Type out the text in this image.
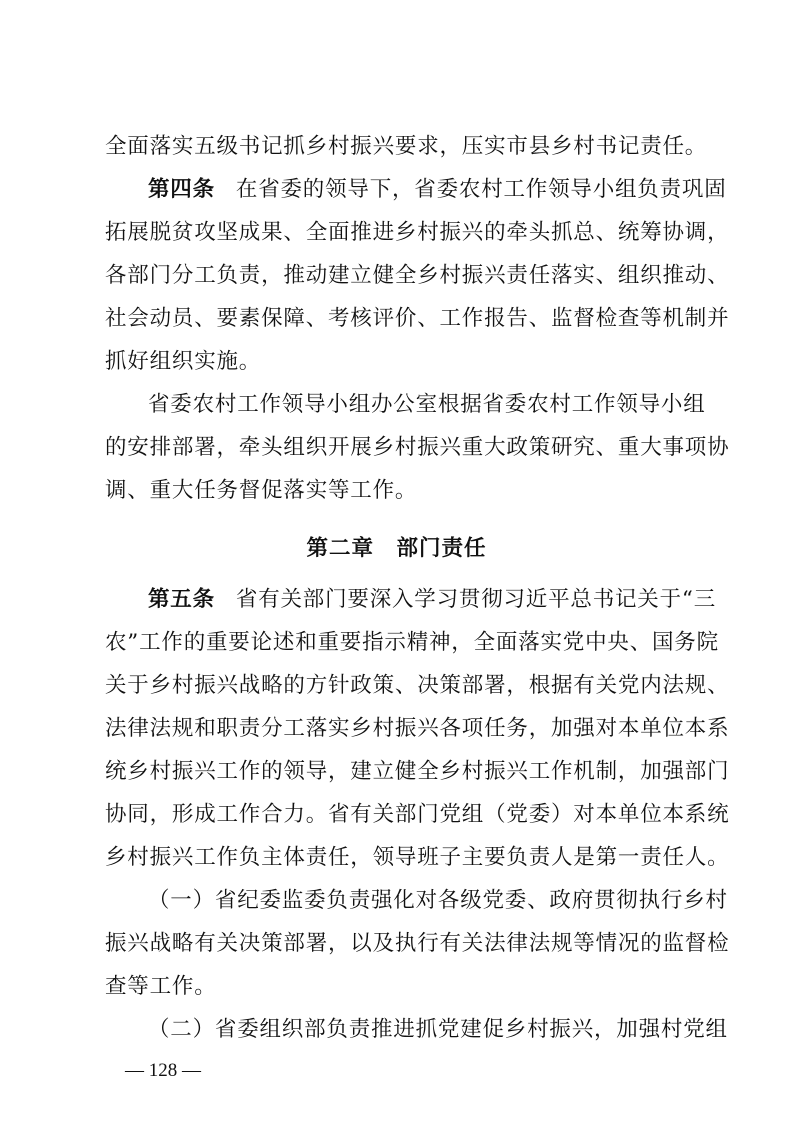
全面落实五级书记抓乡村振兴要求，压实市县乡村书记责任。
第四条 在省委的领导下，省委农村工作领导小组负责巩固
拓展脱贫攻坚成果、全面推进乡村振兴的牵头抓总、统筹协调，
各部门分工负责，推动建立健全乡村振兴责任落实、组织推动、
社会动员、要素保障、考核评价、工作报告、监督检查等机制并
抓好组织实施。
省委农村工作领导小组办公室根据省委农村工作领导小组
的安排部署，牵头组织开展乡村振兴重大政策研究、重大事项协
调、重大任务督促落实等工作。
第二章　部门责任
第五条 省有关部门要深入学习贯彻习近平总书记关于“三
农”工作的重要论述和重要指示精神，全面落实党中央、国务院
关于乡村振兴战略的方针政策、决策部署，根据有关党内法规、
法律法规和职责分工落实乡村振兴各项任务，加强对本单位本系
统乡村振兴工作的领导，建立健全乡村振兴工作机制，加强部门
协同，形成工作合力。省有关部门党组（党委）对本单位本系统
乡村振兴工作负主体责任，领导班子主要负责人是第一责任人。
（一）省纪委监委负责强化对各级党委、政府贯彻执行乡村
振兴战略有关决策部署，以及执行有关法律法规等情况的监督检
查等工作。
（二）省委组织部负责推进抓党建促乡村振兴，加强村党组
— 128 —
